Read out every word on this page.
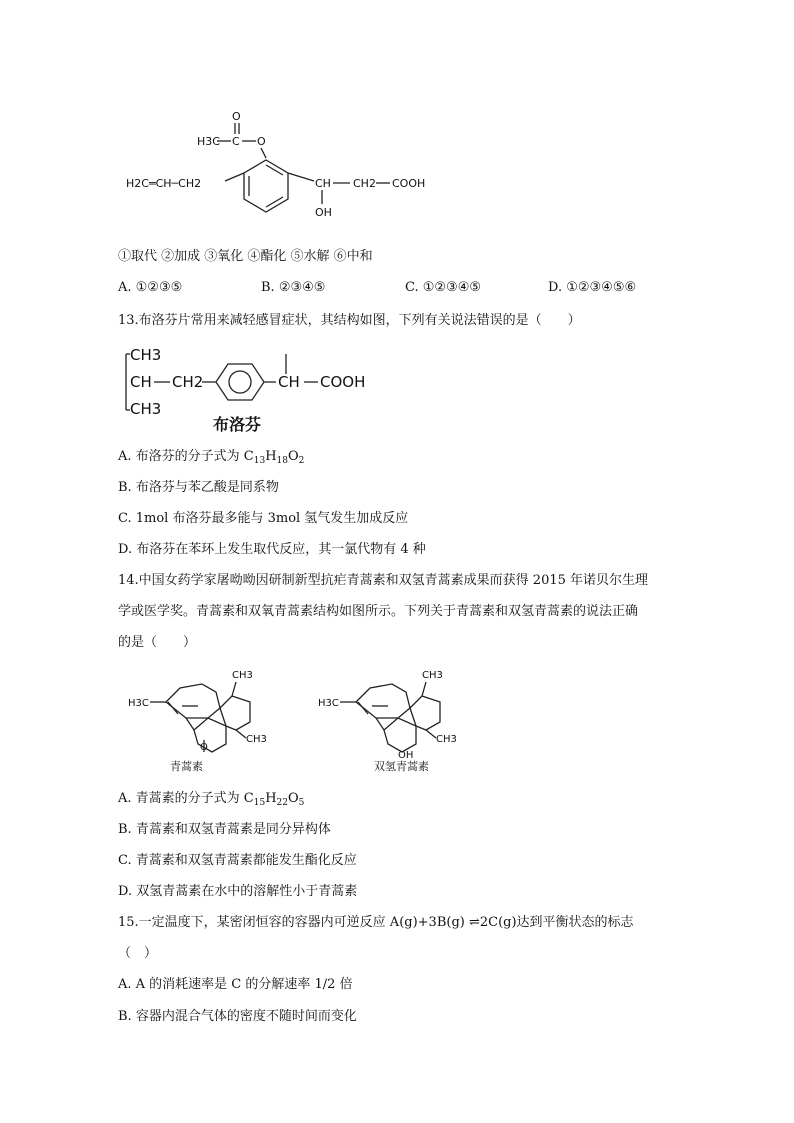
O
H3C C O
H2C═CH─CH2	CH CH2 COOH
OH
①取代 ②加成 ③氧化 ④酯化 ⑤水解 ⑥中和
A. ①②③⑤	B. ②③④⑤	C. ①②③④⑤	D. ①②③④⑤⑥
13.布洛芬片常用来减轻感冒症状，其结构如图，下列有关说法错误的是（　　）
CH3
CH CH2
CH3
CH COOH
布洛芬
A. 布洛芬的分子式为 $C_{13}H_{18}O_2$
B. 布洛芬与苯乙酸是同系物
C. 1mol 布洛芬最多能与 3mol 氢气发生加成反应
D. 布洛芬在苯环上发生取代反应，其一氯代物有 4 种
14.中国女药学家屠呦呦因研制新型抗疟青蒿素和双氢青蒿素成果而获得 2015 年诺贝尔生理
学或医学奖。青蒿素和双氧青蒿素结构如图所示。下列关于青蒿素和双氢青蒿素的说法正确
的是（　　）
H3C
CH3
CH3
O
青蒿素
H3C
CH3
CH3
OH
双氢青蒿素
A. 青蒿素的分子式为 $C_{15}H_{22}O_5$
B. 青蒿素和双氢青蒿素是同分异构体
C. 青蒿素和双氢青蒿素都能发生酯化反应
D. 双氢青蒿素在水中的溶解性小于青蒿素
15.一定温度下，某密闭恒容的容器内可逆反应 A(g)+3B(g) ⇌2C(g)达到平衡状态的标志
（　）
A. A 的消耗速率是 C 的分解速率 1/2 倍
B. 容器内混合气体的密度不随时间而变化
